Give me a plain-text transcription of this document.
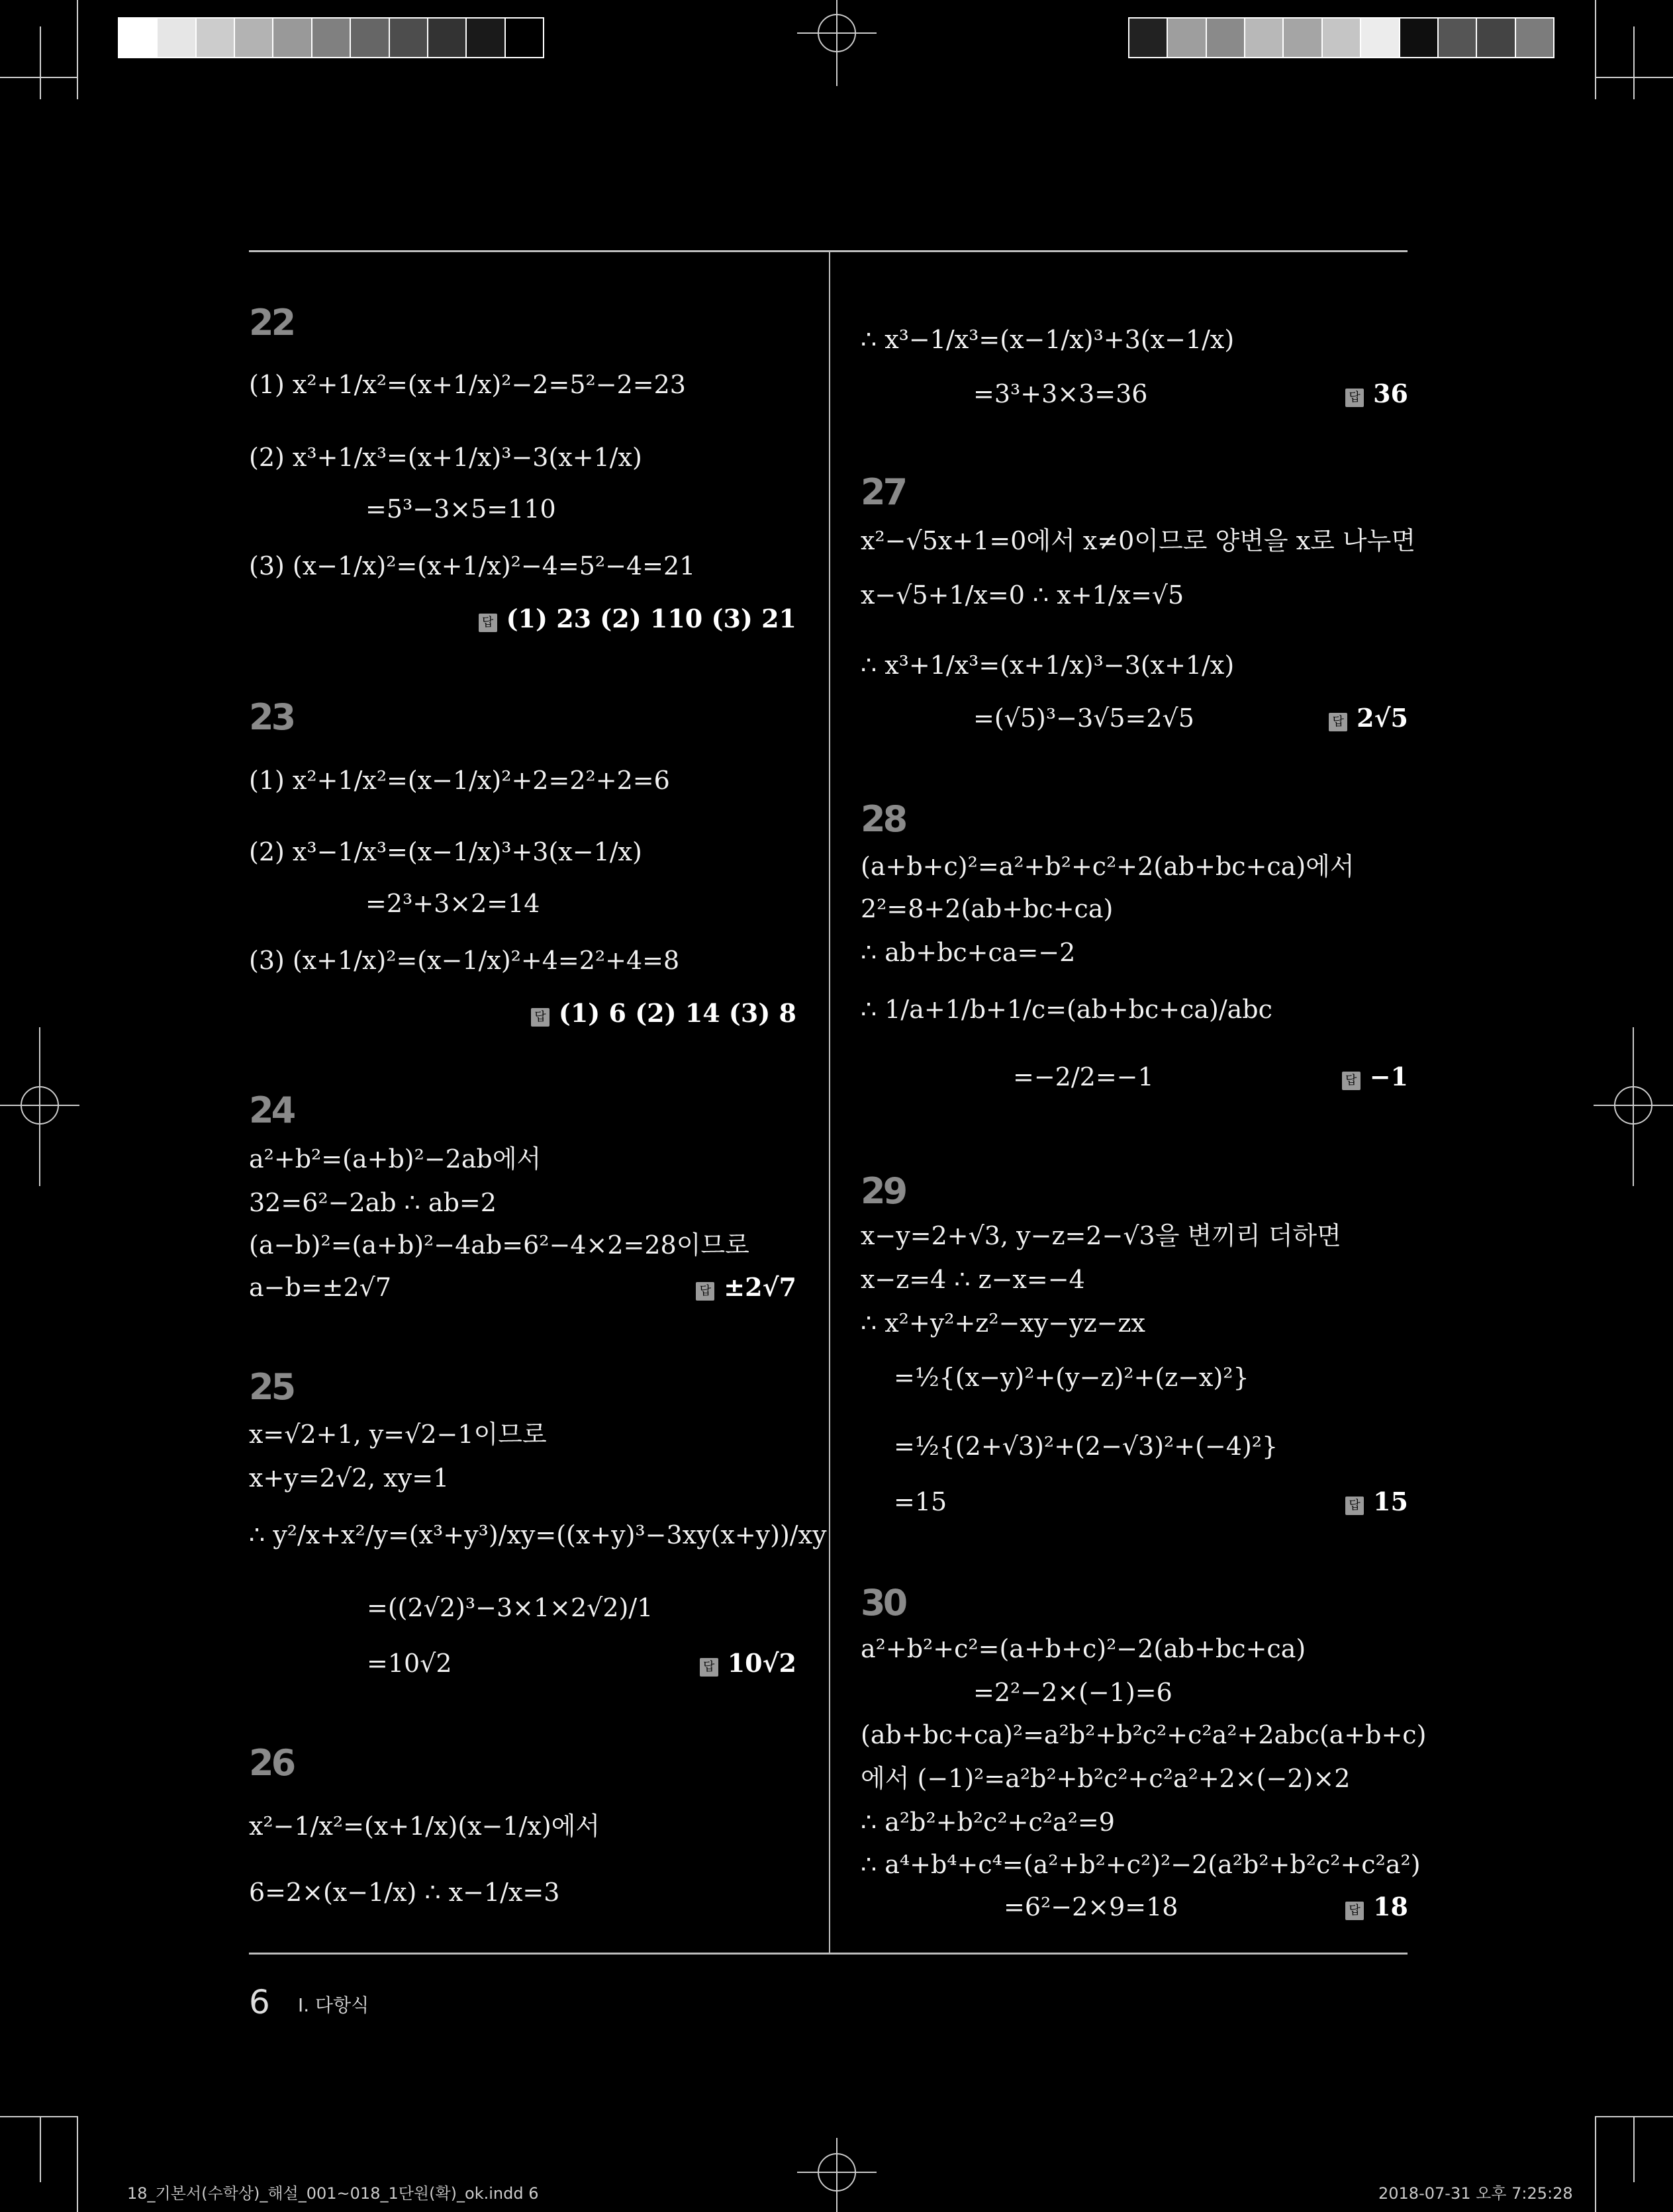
22
(1) x²+1/x²=(x+1/x)²−2=5²−2=23
(2) x³+1/x³=(x+1/x)³−3(x+1/x)
=5³−3×5=110
(3) (x−1/x)²=(x+1/x)²−4=5²−4=21
답 (1) 23 (2) 110 (3) 21
23
(1) x²+1/x²=(x−1/x)²+2=2²+2=6
(2) x³−1/x³=(x−1/x)³+3(x−1/x)
=2³+3×2=14
(3) (x+1/x)²=(x−1/x)²+4=2²+4=8
답 (1) 6 (2) 14 (3) 8
24
a²+b²=(a+b)²−2ab에서
32=6²−2ab ∴ ab=2
(a−b)²=(a+b)²−4ab=6²−4×2=28이므로
a−b=±2√7	답 ±2√7
25
x=√2+1, y=√2−1이므로
x+y=2√2, xy=1
∴ y²/x+x²/y=(x³+y³)/xy=((x+y)³−3xy(x+y))/xy
=((2√2)³−3×1×2√2)/1
=10√2	답 10√2
26
x²−1/x²=(x+1/x)(x−1/x)에서
6=2×(x−1/x) ∴ x−1/x=3
∴ x³−1/x³=(x−1/x)³+3(x−1/x)
=3³+3×3=36	답 36
27
x²−√5x+1=0에서 x≠0이므로 양변을 x로 나누면
x−√5+1/x=0 ∴ x+1/x=√5
∴ x³+1/x³=(x+1/x)³−3(x+1/x)
=(√5)³−3√5=2√5	답 2√5
28
(a+b+c)²=a²+b²+c²+2(ab+bc+ca)에서
2²=8+2(ab+bc+ca)
∴ ab+bc+ca=−2
∴ 1/a+1/b+1/c=(ab+bc+ca)/abc
=−2/2=−1	답 −1
29
x−y=2+√3, y−z=2−√3을 변끼리 더하면
x−z=4 ∴ z−x=−4
∴ x²+y²+z²−xy−yz−zx
=½{(x−y)²+(y−z)²+(z−x)²}
=½{(2+√3)²+(2−√3)²+(−4)²}
=15	답 15
30
a²+b²+c²=(a+b+c)²−2(ab+bc+ca)
=2²−2×(−1)=6
(ab+bc+ca)²=a²b²+b²c²+c²a²+2abc(a+b+c)
에서 (−1)²=a²b²+b²c²+c²a²+2×(−2)×2
∴ a²b²+b²c²+c²a²=9
∴ a⁴+b⁴+c⁴=(a²+b²+c²)²−2(a²b²+b²c²+c²a²)
=6²−2×9=18	답 18
6 I. 다항식
18_기본서(수학상)_해설_001~018_1단원(확)_ok.indd 6	2018-07-31 오후 7:25:28
